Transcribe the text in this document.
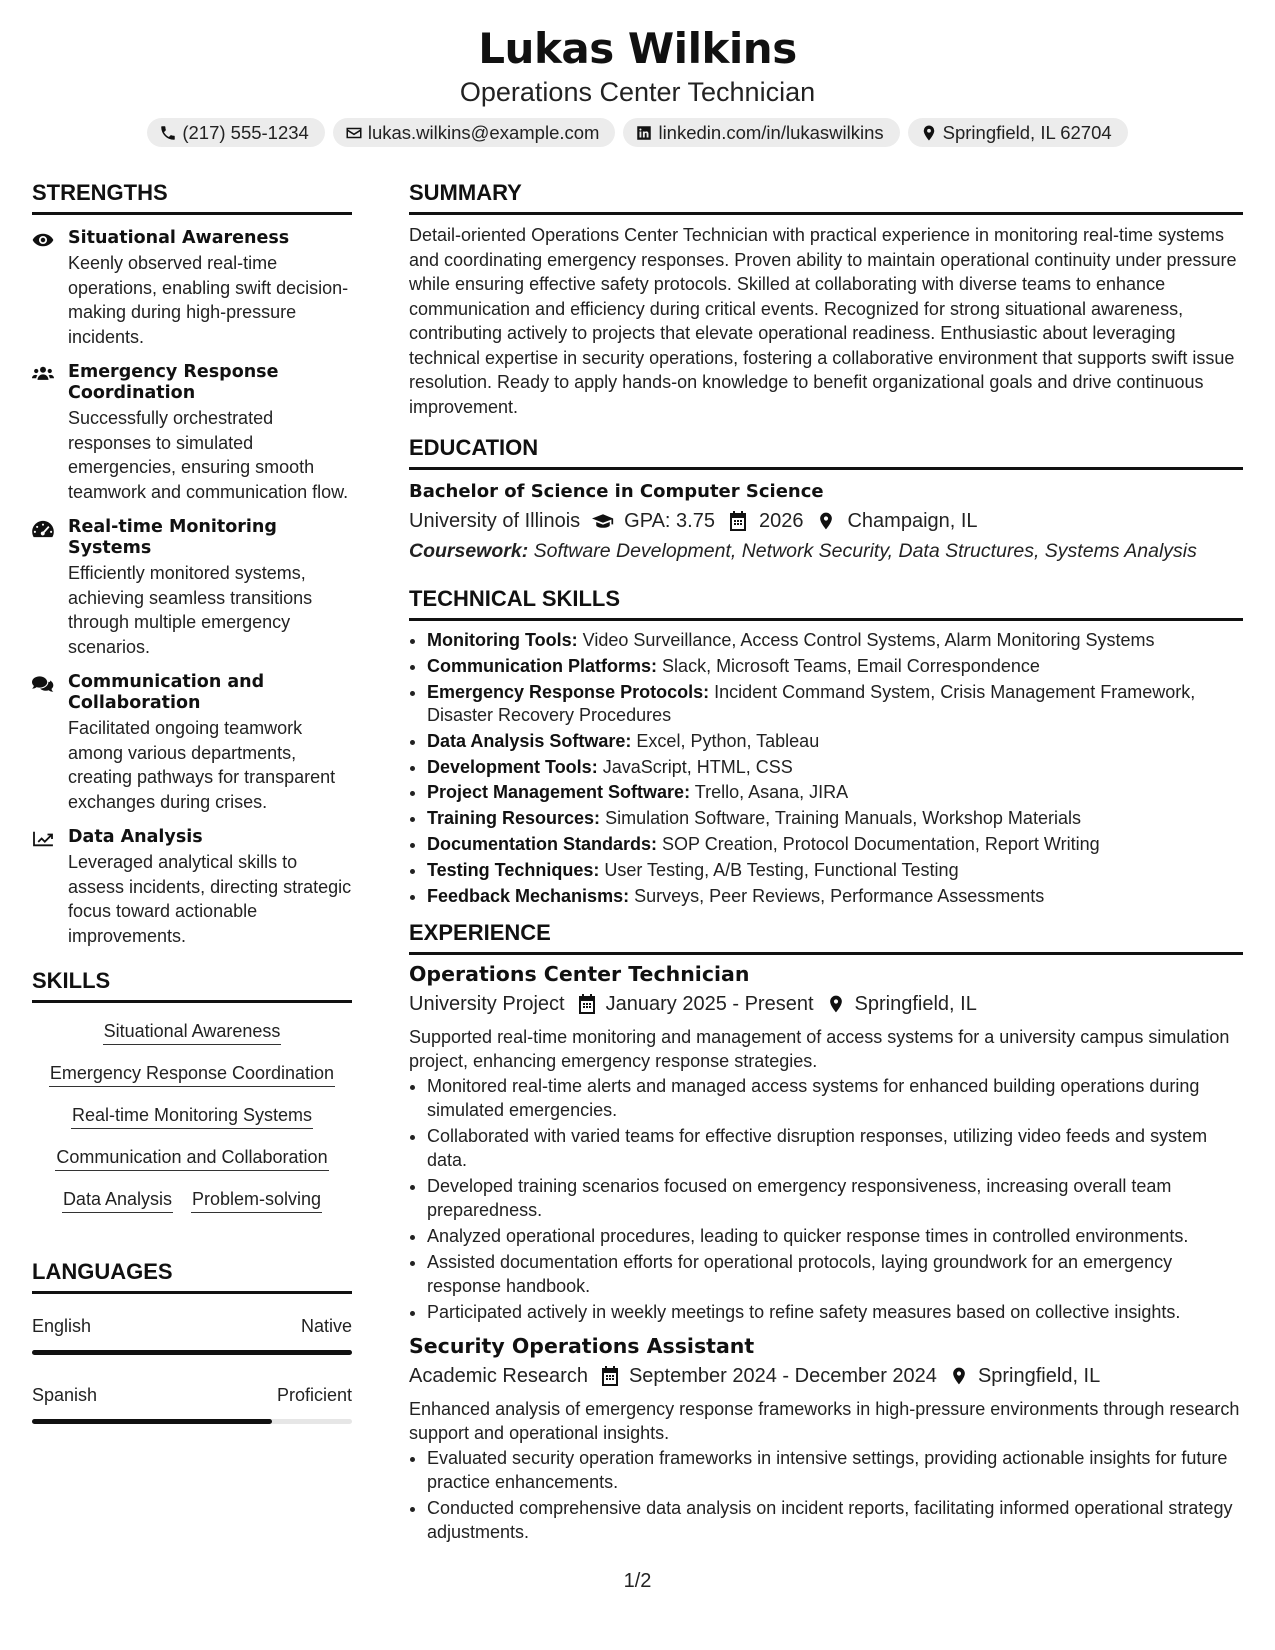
Lukas Wilkins
Operations Center Technician
(217) 555-1234	lukas.wilkins@example.com	linkedin.com/in/lukaswilkins	Springfield, IL 62704
STRENGTHS
Situational Awareness
Keenly observed real-time operations, enabling swift decision-making during high-pressure incidents.
Emergency Response Coordination
Successfully orchestrated responses to simulated emergencies, ensuring smooth teamwork and communication flow.
Real-time Monitoring Systems
Efficiently monitored systems, achieving seamless transitions through multiple emergency scenarios.
Communication and Collaboration
Facilitated ongoing teamwork among various departments, creating pathways for transparent exchanges during crises.
Data Analysis
Leveraged analytical skills to assess incidents, directing strategic focus toward actionable improvements.
SKILLS
Situational Awareness
Emergency Response Coordination
Real-time Monitoring Systems
Communication and Collaboration
Data Analysis Problem-solving
LANGUAGES
English	Native
Spanish	Proficient
SUMMARY
Detail-oriented Operations Center Technician with practical experience in monitoring real-time systems and coordinating emergency responses. Proven ability to maintain operational continuity under pressure while ensuring effective safety protocols. Skilled at collaborating with diverse teams to enhance communication and efficiency during critical events. Recognized for strong situational awareness, contributing actively to projects that elevate operational readiness. Enthusiastic about leveraging technical expertise in security operations, fostering a collaborative environment that supports swift issue resolution. Ready to apply hands-on knowledge to benefit organizational goals and drive continuous improvement.
EDUCATION
Bachelor of Science in Computer Science
University of Illinois GPA: 3.75 2026 Champaign, IL
Coursework: Software Development, Network Security, Data Structures, Systems Analysis
TECHNICAL SKILLS
• Monitoring Tools: Video Surveillance, Access Control Systems, Alarm Monitoring Systems
• Communication Platforms: Slack, Microsoft Teams, Email Correspondence
• Emergency Response Protocols: Incident Command System, Crisis Management Framework, Disaster Recovery Procedures
• Data Analysis Software: Excel, Python, Tableau
• Development Tools: JavaScript, HTML, CSS
• Project Management Software: Trello, Asana, JIRA
• Training Resources: Simulation Software, Training Manuals, Workshop Materials
• Documentation Standards: SOP Creation, Protocol Documentation, Report Writing
• Testing Techniques: User Testing, A/B Testing, Functional Testing
• Feedback Mechanisms: Surveys, Peer Reviews, Performance Assessments
EXPERIENCE
Operations Center Technician
University Project January 2025 - Present Springfield, IL
Supported real-time monitoring and management of access systems for a university campus simulation project, enhancing emergency response strategies.
• Monitored real-time alerts and managed access systems for enhanced building operations during simulated emergencies.
• Collaborated with varied teams for effective disruption responses, utilizing video feeds and system data.
• Developed training scenarios focused on emergency responsiveness, increasing overall team preparedness.
• Analyzed operational procedures, leading to quicker response times in controlled environments.
• Assisted documentation efforts for operational protocols, laying groundwork for an emergency response handbook.
• Participated actively in weekly meetings to refine safety measures based on collective insights.
Security Operations Assistant
Academic Research September 2024 - December 2024 Springfield, IL
Enhanced analysis of emergency response frameworks in high-pressure environments through research support and operational insights.
• Evaluated security operation frameworks in intensive settings, providing actionable insights for future practice enhancements.
• Conducted comprehensive data analysis on incident reports, facilitating informed operational strategy adjustments.
1/2
